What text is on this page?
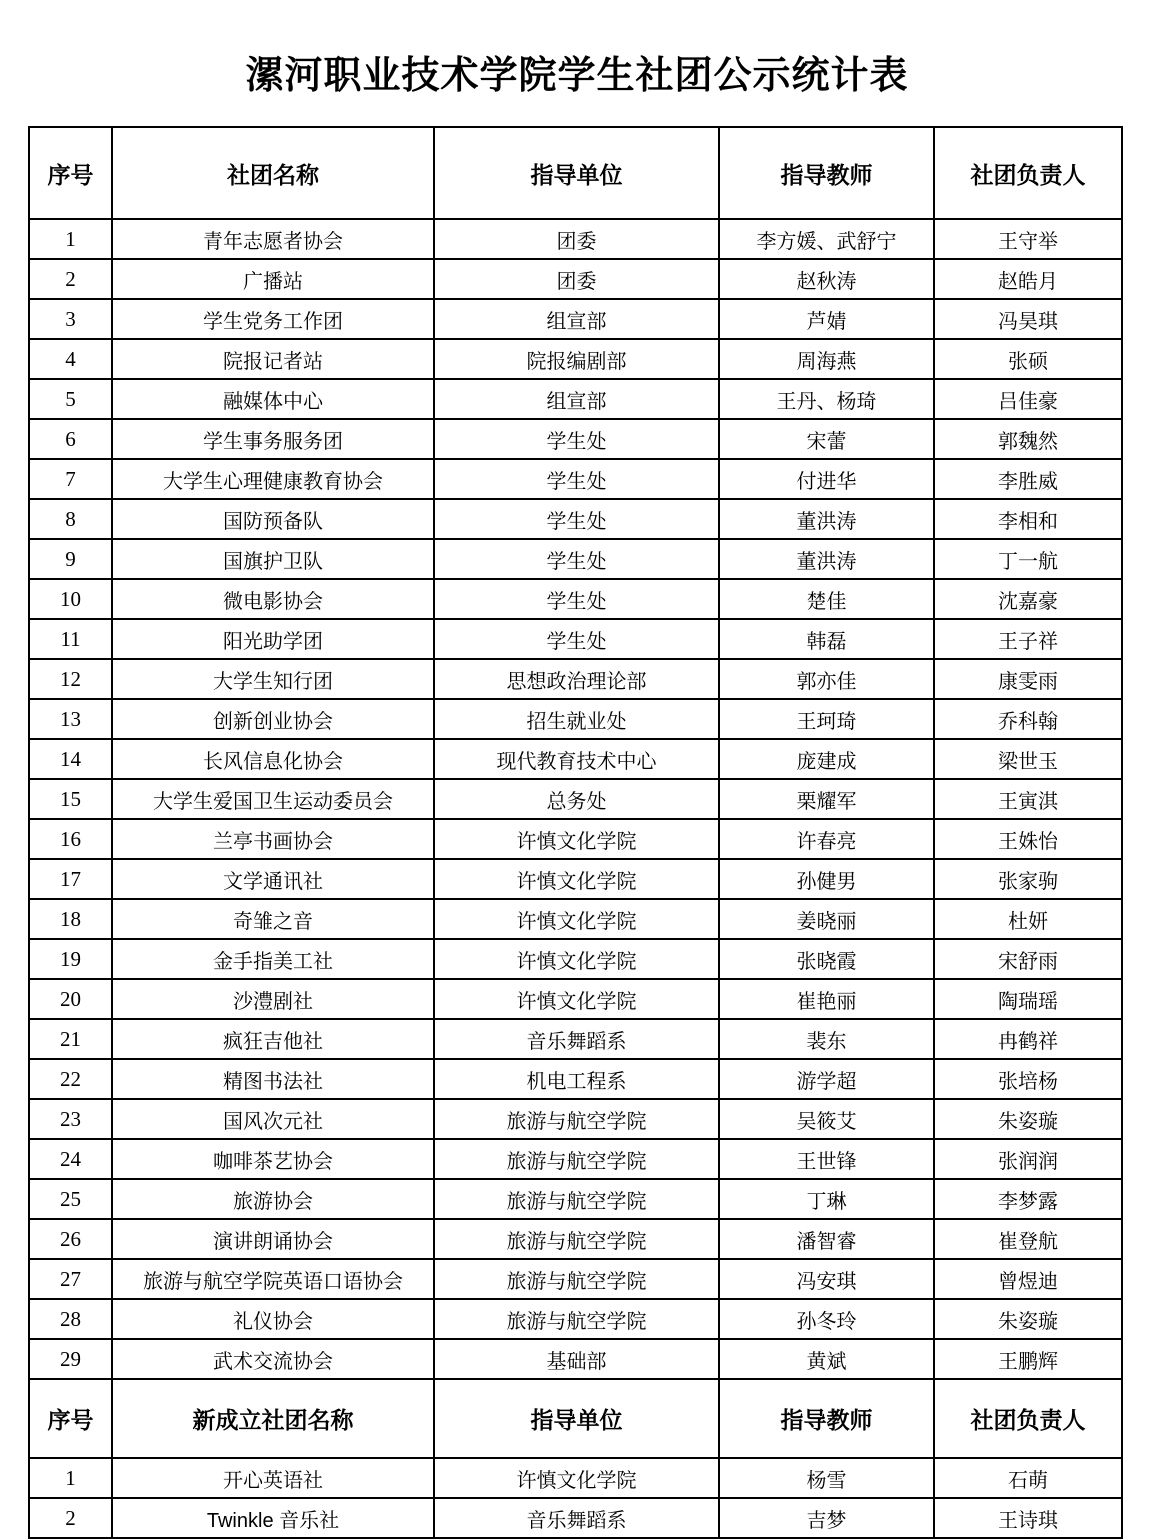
漯河职业技术学院学生社团公示统计表
序号	社团名称	指导单位	指导教师	社团负责人
1	青年志愿者协会	团委	李方媛、武舒宁	王守举
2	广播站	团委	赵秋涛	赵皓月
3	学生党务工作团	组宣部	芦婧	冯昊琪
4	院报记者站	院报编剧部	周海燕	张硕
5	融媒体中心	组宣部	王丹、杨琦	吕佳豪
6	学生事务服务团	学生处	宋蕾	郭魏然
7	大学生心理健康教育协会	学生处	付进华	李胜威
8	国防预备队	学生处	董洪涛	李相和
9	国旗护卫队	学生处	董洪涛	丁一航
10	微电影协会	学生处	楚佳	沈嘉豪
11	阳光助学团	学生处	韩磊	王子祥
12	大学生知行团	思想政治理论部	郭亦佳	康雯雨
13	创新创业协会	招生就业处	王珂琦	乔科翰
14	长风信息化协会	现代教育技术中心	庞建成	梁世玉
15	大学生爱国卫生运动委员会	总务处	栗耀军	王寅淇
16	兰亭书画协会	许慎文化学院	许春亮	王姝怡
17	文学通讯社	许慎文化学院	孙健男	张家驹
18	奇雏之音	许慎文化学院	姜晓丽	杜妍
19	金手指美工社	许慎文化学院	张晓霞	宋舒雨
20	沙澧剧社	许慎文化学院	崔艳丽	陶瑞瑶
21	疯狂吉他社	音乐舞蹈系	裴东	冉鹤祥
22	精图书法社	机电工程系	游学超	张培杨
23	国风次元社	旅游与航空学院	吴筱艾	朱姿璇
24	咖啡茶艺协会	旅游与航空学院	王世锋	张润润
25	旅游协会	旅游与航空学院	丁琳	李梦露
26	演讲朗诵协会	旅游与航空学院	潘智睿	崔登航
27	旅游与航空学院英语口语协会	旅游与航空学院	冯安琪	曾煜迪
28	礼仪协会	旅游与航空学院	孙冬玲	朱姿璇
29	武术交流协会	基础部	黄斌	王鹏辉
序号	新成立社团名称	指导单位	指导教师	社团负责人
1	开心英语社	许慎文化学院	杨雪	石萌
2	Twinkle 音乐社	音乐舞蹈系	吉梦	王诗琪
